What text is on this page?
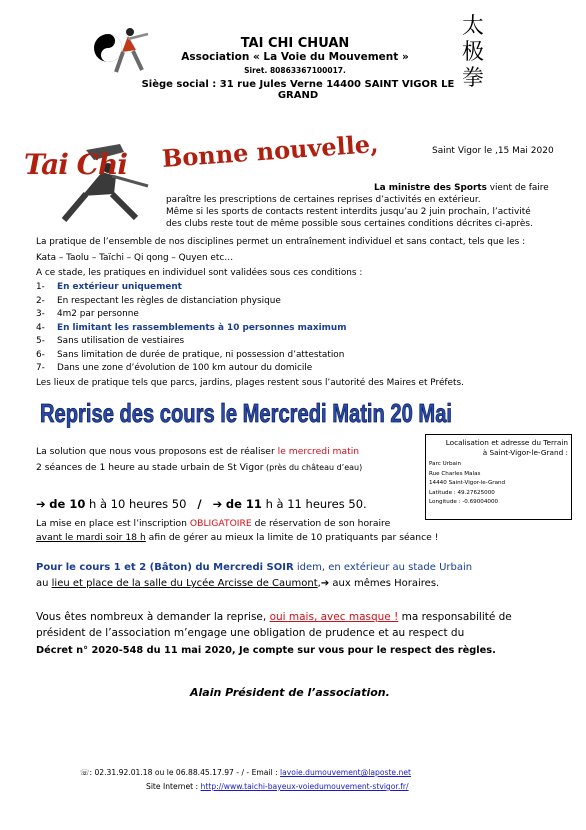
TAI CHI CHUAN
Association « La Voie du Mouvement »
Siret. 80863367100017.
Siège social : 31 rue Jules Verne 14400 SAINT VIGOR LE GRAND
太
极
拳
Saint Vigor le ,15 Mai 2020
Tai Chi Bonne nouvelle,
La ministre des Sports vient de faire
paraître les prescriptions de certaines reprises d’activités en extérieur.
Même si les sports de contacts restent interdits jusqu’au 2 juin prochain, l’activité
des clubs reste tout de même possible sous certaines conditions décrites ci-après.
La pratique de l’ensemble de nos disciplines permet un entraînement individuel et sans contact, tels que les :
Kata – Taolu – Taïchi – Qi qong – Quyen etc…
A ce stade, les pratiques en individuel sont validées sous ces conditions :
1- En extérieur uniquement
2- En respectant les règles de distanciation physique
3- 4m2 par personne
4- En limitant les rassemblements à 10 personnes maximum
5- Sans utilisation de vestiaires
6- Sans limitation de durée de pratique, ni possession d’attestation
7- Dans une zone d’évolution de 100 km autour du domicile
Les lieux de pratique tels que parcs, jardins, plages restent sous l’autorité des Maires et Préfets.
Reprise des cours le Mercredi Matin 20 Mai
Localisation et adresse du Terrain
à Saint-Vigor-le-Grand :
Parc Urbain
Rue Charles Malas
14440 Saint-Vigor-le-Grand
Latitude : 49.27625000
Longitude : -0.69004000
La solution que nous vous proposons est de réaliser le mercredi matin
2 séances de 1 heure au stade urbain de St Vigor (près du château d’eau)
➔ de 10 h à 10 heures 50 / ➔ de 11 h à 11 heures 50.
La mise en place est l’inscription OBLIGATOIRE de réservation de son horaire
avant le mardi soir 18 h afin de gérer au mieux la limite de 10 pratiquants par séance !
Pour le cours 1 et 2 (Bâton) du Mercredi SOIR idem, en extérieur au stade Urbain
au lieu et place de la salle du Lycée Arcisse de Caumont,➔ aux mêmes Horaires.
Vous êtes nombreux à demander la reprise, oui mais, avec masque ! ma responsabilité de
président de l’association m’engage une obligation de prudence et au respect du
Décret n° 2020-548 du 11 mai 2020, Je compte sur vous pour le respect des règles.
Alain Président de l’association.
☏: 02.31.92.01.18 ou le 06.88.45.17.97 - / - Email : lavoie.dumouvement@laposte.net
Site Internet : http://www.taichi-bayeux-voiedumouvement-stvigor.fr/
